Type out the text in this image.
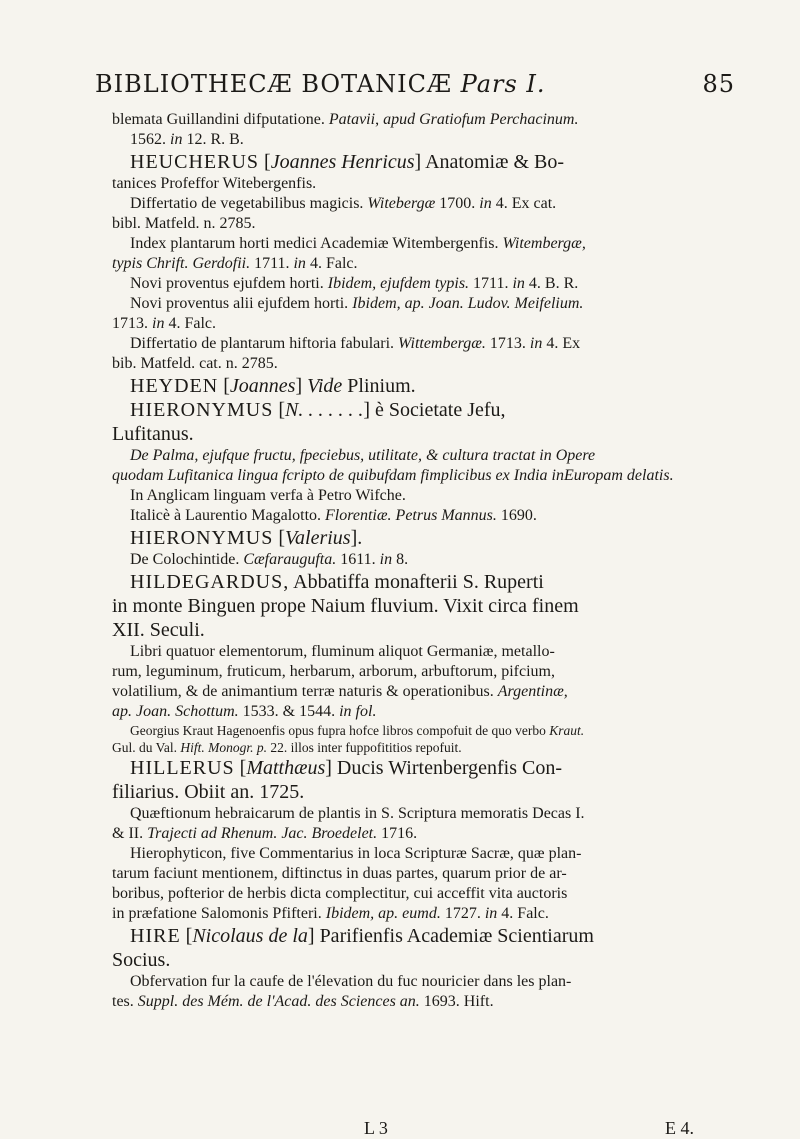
BIBLIOTHECÆ BOTANICÆ Pars I.	85

blemata Guillandini difputatione. Patavii, apud Gratiofum Perchacinum.

1562. in 12. R. B.

HEUCHERUS [Joannes Henricus] Anatomiæ & Bo-

tanices Profeffor Witebergenfis.

Differtatio de vegetabilibus magicis. Witebergæ 1700. in 4. Ex cat.

bibl. Matfeld. n. 2785.

Index plantarum horti medici Academiæ Witembergenfis. Witembergæ,

typis Chrift. Gerdofii. 1711. in 4. Falc.

Novi proventus ejufdem horti. Ibidem, ejufdem typis. 1711. in 4. B. R.

Novi proventus alii ejufdem horti. Ibidem, ap. Joan. Ludov. Meifelium.

1713. in 4. Falc.

Differtatio de plantarum hiftoria fabulari. Wittembergæ. 1713. in 4. Ex

bib. Matfeld. cat. n. 2785.

HEYDEN [Joannes] Vide Plinium.

HIERONYMUS [N. . . . . . .] è Societate Jefu,

Lufitanus.

De Palma, ejufque fructu, fpeciebus, utilitate, & cultura tractat in Opere

quodam Lufitanica lingua fcripto de quibufdam fimplicibus ex India inEuropam delatis.

In Anglicam linguam verfa à Petro Wifche.

Italicè à Laurentio Magalotto. Florentiæ. Petrus Mannus. 1690.

HIERONYMUS [Valerius].

De Colochintide. Cæfaraugufta. 1611. in 8.

HILDEGARDUS, Abbatiffa monafterii S. Ruperti

in monte Binguen prope Naium fluvium. Vixit circa finem

XII. Seculi.

Libri quatuor elementorum, fluminum aliquot Germaniæ, metallo-

rum, leguminum, fruticum, herbarum, arborum, arbuftorum, pifcium,

volatilium, & de animantium terræ naturis & operationibus. Argentinæ,

ap. Joan. Schottum. 1533. & 1544. in fol.

Georgius Kraut Hagenoenfis opus fupra hofce libros compofuit de quo verbo Kraut.

Gul. du Val. Hift. Monogr. p. 22. illos inter fuppofititios repofuit.

HILLERUS [Matthæus] Ducis Wirtenbergenfis Con-

filiarius. Obiit an. 1725.

Quæftionum hebraicarum de plantis in S. Scriptura memoratis Decas I.

& II. Trajecti ad Rhenum. Jac. Broedelet. 1716.

Hierophyticon, five Commentarius in loca Scripturæ Sacræ, quæ plan-

tarum faciunt mentionem, diftinctus in duas partes, quarum prior de ar-

boribus, pofterior de herbis dicta complectitur, cui acceffit vita auctoris

in præfatione Salomonis Pfifteri. Ibidem, ap. eumd. 1727. in 4. Falc.

HIRE [Nicolaus de la] Parifienfis Academiæ Scientiarum

Socius.

Obfervation fur la caufe de l'élevation du fuc nouricier dans les plan-

tes. Suppl. des Mém. de l'Acad. des Sciences an. 1693. Hift.

L 3	E 4.
